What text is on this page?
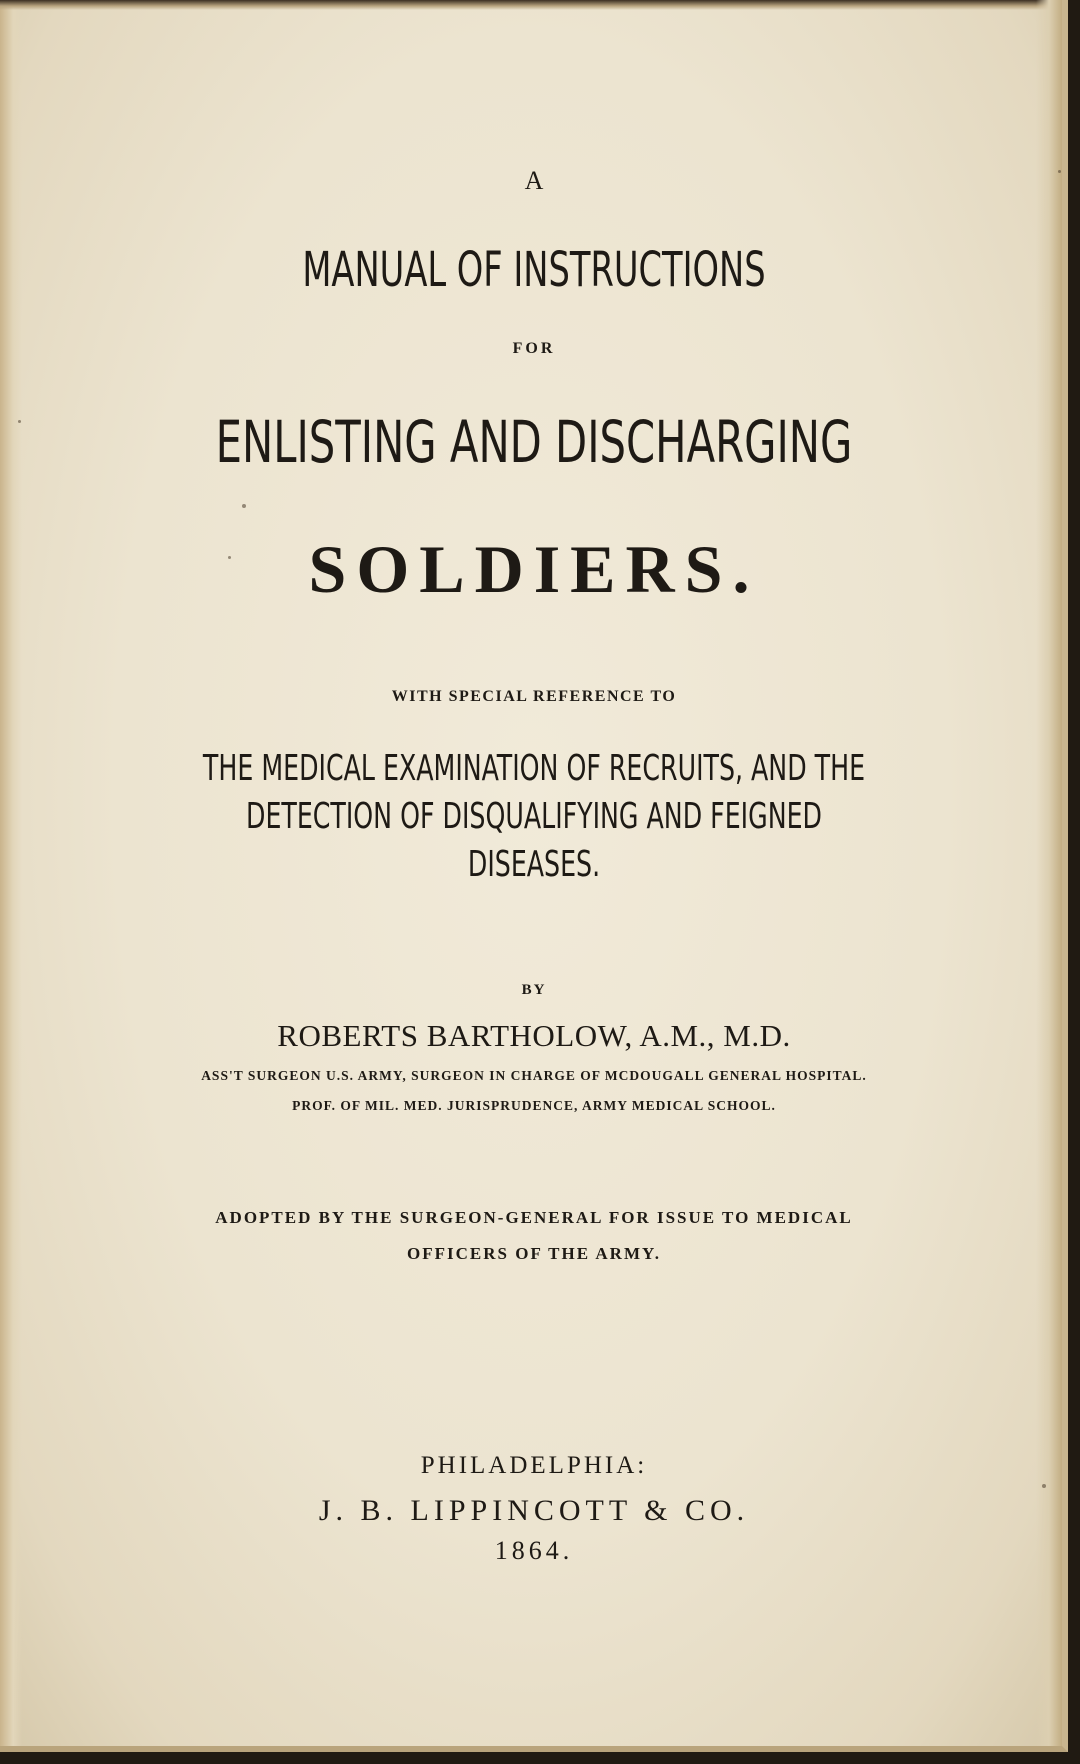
A

MANUAL OF INSTRUCTIONS

FOR

ENLISTING AND DISCHARGING

SOLDIERS.

WITH SPECIAL REFERENCE TO

THE MEDICAL EXAMINATION OF RECRUITS, AND THE

DETECTION OF DISQUALIFYING AND FEIGNED

DISEASES.

BY

ROBERTS BARTHOLOW, A.M., M.D.

ASS'T SURGEON U.S. ARMY, SURGEON IN CHARGE OF MCDOUGALL GENERAL HOSPITAL.

PROF. OF MIL. MED. JURISPRUDENCE, ARMY MEDICAL SCHOOL.

ADOPTED BY THE SURGEON-GENERAL FOR ISSUE TO MEDICAL

OFFICERS OF THE ARMY.

PHILADELPHIA:

J. B. LIPPINCOTT & CO.

1864.
